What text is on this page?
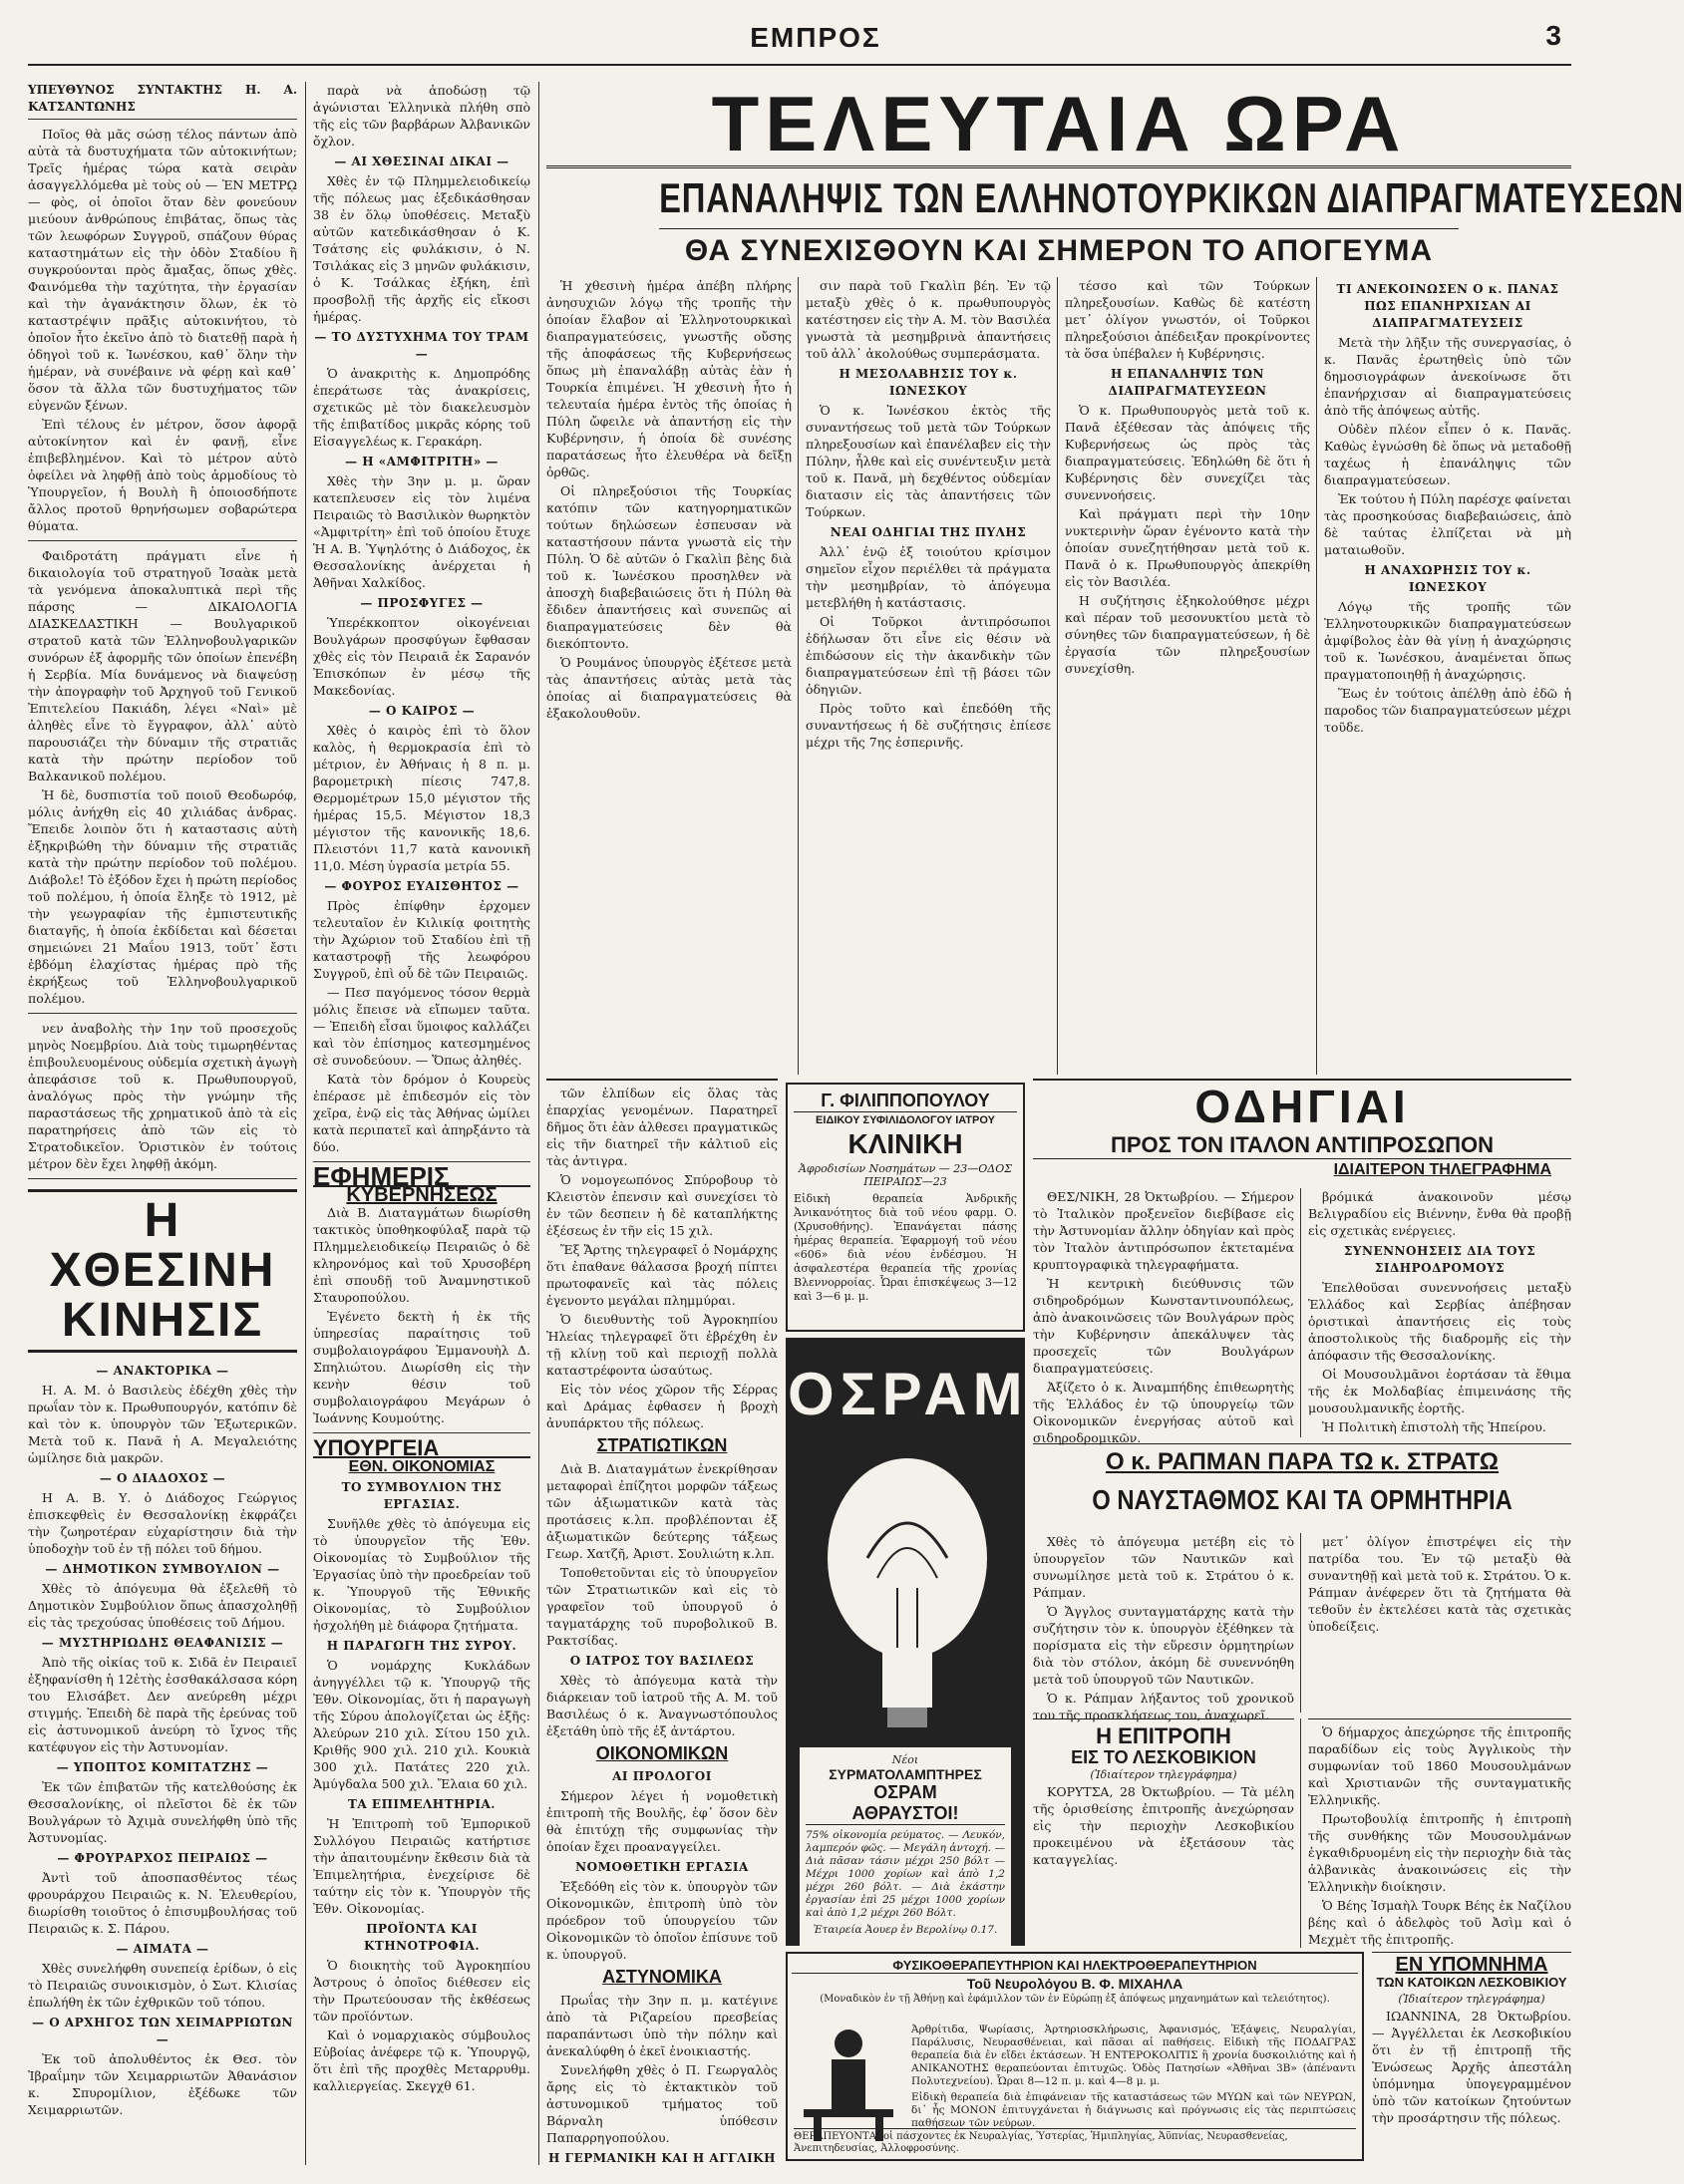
ΕΜΠΡΟΣ	3
ΥΠΕΥΘΥΝΟΣ ΣΥΝΤΑΚΤΗΣ Η. Α. ΚΑΤΣΑΝΤΩΝΗΣ

Ποῖος θὰ μᾶς σώσῃ τέλος πάντων ἀπὸ αὐτὰ τὰ δυστυχήματα τῶν αὐτοκινήτων; Τρεῖς ἡμέρας τώρα κατὰ σειρὰν ἀσαγγελλόμεθα μὲ τοὺς οὐ — ἘΝ ΜΕΤΡῼ — φὸς, οἱ ὁποῖοι ὅταν δὲν φονεύουν μιεύουν ἀνθρώπους ἐπιβάτας, ὅπως τὰς τῶν λεωφόρων Συγγροῦ, σπάζουν θύρας καταστημάτων εἰς τὴν ὁδὸν Σταδίου ἢ συγκρούονται πρὸς ἄμαξας, ὅπως χθὲς. Φαινόμεθα τὴν ταχύτητα, τὴν ἐργασίαν καὶ τὴν ἀγανάκτησιν ὅλων, ἐκ τὸ καταστρέψιν πρᾶξις αὐτοκινήτου, τὸ ὁποῖον ἧτο ἐκεῖνο ἀπὸ τὸ διατεθῇ παρὰ ἡ ὁδηγοὶ τοῦ κ. Ἰωνέσκου, καθ᾽ ὅλην τὴν ἡμέραν, νὰ συνέβαινε νὰ φέρῃ καὶ καθ᾽ ὅσον τὰ ἄλλα τῶν δυστυχήματος τῶν εὐγενῶν ξένων.

Ἐπὶ τέλους ἐν μέτρον, ὅσον ἀφορᾷ αὐτοκίνητον καὶ ἐν φανῇ, εἶνε ἐπιβεβλημένον. Καὶ τὸ μέτρον αὐτὸ ὀφείλει νὰ ληφθῇ ἀπὸ τοὺς ἁρμοδίους τὸ Ὑπουργεῖον, ἡ Βουλὴ ἢ ὁποιοσδήποτε ἄλλος προτοῦ θρηνήσωμεν σοβαρώτερα θύματα.

Φαιδροτάτη πράγματι εἶνε ἡ δικαιολογία τοῦ στρατηγοῦ Ἰσαὰκ μετὰ τὰ γενόμενα ἀποκαλυπτικὰ περὶ τῆς πάρσης — ΔΙΚΑΙΟΛΟΓΙΑ ΔΙΑΣΚΕΔΑΣΤΙΚΗ — Βουλγαρικοῦ στρατοῦ κατὰ τῶν Ἑλληνοβουλγαρικῶν συνόρων ἐξ ἀφορμῆς τῶν ὁποίων ἐπενέβη ἡ Σερβία. Μία δυνάμενος νὰ διαψεύσῃ τὴν ἀπογραφὴν τοῦ Ἀρχηγοῦ τοῦ Γενικοῦ Ἐπιτελείου Πακιάδη, λέγει «Ναὶ» μὲ ἀληθὲς εἶνε τὸ ἔγγραφον, ἀλλ᾽ αὐτὸ παρουσιάζει τὴν δύναμιν τῆς στρατιᾶς κατὰ τὴν πρώτην περίοδον τοῦ Βαλκανικοῦ πολέμου.

Ἡ δὲ, δυσπιστία τοῦ ποιοῦ Θεοδωρόφ, μόλις ἀνήχθη εἰς 40 χιλιάδας ἀνδρας. Ἔπειδε λοιπὸν ὅτι ἡ καταστασις αὐτὴ ἐξηκριβώθη τὴν δύναμιν τῆς στρατιᾶς κατὰ τὴν πρώτην περίοδον τοῦ πολέμου. Διάβολε! Τὸ ἐξόδον ἔχει ἡ πρώτη περίοδος τοῦ πολέμου, ἡ ὁποία ἔληξε τὸ 1912, μὲ τὴν γεωγραφίαν τῆς ἐμπιστευτικῆς διαταγῆς, ἡ ὁποία ἐκδίδεται καὶ δέσεται σημειώνει 21 Μαΐου 1913, τοῦτ᾽ ἔστι ἐβδόμη ἐλαχίστας ἡμέρας πρὸ τῆς ἐκρήξεως τοῦ Ἑλληνοβουλγαρικοῦ πολέμου.

νεν ἀναβολὴς τὴν 1ην τοῦ προσεχοῦς μηνὸς Νοεμβρίου. Διὰ τοὺς τιμωρηθέντας ἐπιβουλευομένους οὐδεμία σχετικὴ ἀγωγὴ ἀπεφάσισε τοῦ κ. Πρωθυπουργοῦ, ἀναλόγως πρὸς τὴν γνώμην τῆς παραστάσεως τῆς χρηματικοῦ ἀπὸ τὰ εἰς παρατηρήσεις ἀπὸ τῶν εἰς τὸ Στρατοδικεῖον. Ὁριστικὸν ἐν τούτοις μέτρον δὲν ἔχει ληφθῇ ἀκόμη.

Η ΧΘΕΣΙΝΗ
ΚΙΝΗΣΙΣ
— ΑΝΑΚΤΟΡΙΚΑ —

Η. Α. Μ. ὁ Βασιλεὺς ἐδέχθη χθὲς τὴν πρωΐαν τὸν κ. Πρωθυπουργόν, κατόπιν δὲ καὶ τὸν κ. ὑπουργὸν τῶν Ἐξωτερικῶν. Μετὰ τοῦ κ. Πανᾶ ἡ Α. Μεγαλειότης ὡμίλησε διὰ μακρῶν.

— Ο ΔΙΑΔΟΧΟΣ —

Η Α. Β. Υ. ὁ Διάδοχος Γεώργιος ἐπισκεφθεὶς ἐν Θεσσαλονίκῃ ἐκφράζει τὴν ζωηροτέραν εὐχαρίστησιν διὰ τὴν ὑποδοχὴν τοῦ ἐν τῇ πόλει τοῦ δήμου.

— ΔΗΜΟΤΙΚΟΝ ΣΥΜΒΟΥΛΙΟΝ —

Χθὲς τὸ ἀπόγευμα θὰ ἐξελεθῆ τὸ Δημοτικὸν Συμβούλιον ὅπως ἀπασχοληθῇ εἰς τὰς τρεχούσας ὑποθέσεις τοῦ Δήμου.

— ΜΥΣΤΗΡΙΩΔΗΣ ΘΕΑΦΑΝΙΣΙΣ —

Ἀπὸ τῆς οἰκίας τοῦ κ. Σιδᾶ ἐν Πειραιεῖ ἐξηφανίσθη ἡ 12ἐτὴς ἐσσθακάλσασα κόρη του Ελισάβετ. Δεν ανεύρεθη μέχρι στιγμής. Ἐπειδὴ δὲ παρὰ τῆς ἐρεύνας τοῦ εἰς ἀστυνομικοῦ ἀνεύρη τὸ ἴχνος τῆς κατέφυγον εἰς τὴν Ἀστυνομίαν.

— ΥΠΟΠΤΟΣ ΚΟΜΙΤΑΤΖΗΣ —

Ἐκ τῶν ἐπιβατῶν τῆς κατελθούσης ἐκ Θεσσαλονίκης, οἱ πλεῖστοι δὲ ἐκ τῶν Βουλγάρων τὸ Ἀχιμὰ συνελήφθη ὑπὸ τῆς Ἀστυνομίας.

— ΦΡΟΥΡΑΡΧΟΣ ΠΕΙΡΑΙΩΣ —

Ἀντὶ τοῦ ἀποσπασθέντος τέως φρουράρχου Πειραιῶς κ. Ν. Ἐλευθερίου, διωρίσθη τοιοῦτος ὁ ἐπισυμβουλήσας τοῦ Πειραιῶς κ. Σ. Πάρου.

— ΑΙΜΑΤΑ —

Χθὲς συνελήφθη συνεπείᾳ ἐρίδων, ὁ εἰς τὸ Πειραιῶς συνοικισμὸν, ὁ Σωτ. Κλισίας ἐπωλήθη ἐκ τῶν ἐχθρικῶν τοῦ τόπου.

— Ο ΑΡΧΗΓΟΣ ΤΩΝ ΧΕΙΜΑΡΡΙΩΤΩΝ —

Ἐκ τοῦ ἀπολυθέντος ἐκ Θεσ. τὸν Ἰβραΐμην τῶν Χειμαρριωτῶν Ἀθανάσιον κ. Σπυρομίλιον, ἐξέδωκε τῶν Χειμαρριωτῶν.

παρὰ νὰ ἀποδώσῃ τῷ ἀγώνισται Ἑλληνικὰ πλήθη σπὸ τῆς εἰς τῶν βαρβάρων Ἀλβανικῶν ὄχλον.

— ΑΙ ΧΘΕΣΙΝΑΙ ΔΙΚΑΙ —

Χθὲς ἐν τῷ Πλημμελειοδικείῳ τῆς πόλεως μας ἐξεδικάσθησαν 38 ἐν ὅλῳ ὑποθέσεις. Μεταξὺ αὐτῶν κατεδικάσθησαν ὁ Κ. Τσάτσης εἰς φυλάκισιν, ὁ Ν. Τσιλάκας εἰς 3 μηνῶν φυλάκισιν, ὁ Κ. Τσάλκας ἐξήκη, ἐπὶ προσβολῇ τῆς ἀρχῆς εἰς εἴκοσι ἡμέρας.

— ΤΟ ΔΥΣΤΥΧΗΜΑ ΤΟΥ ΤΡΑΜ —

Ὁ ἀνακριτὴς κ. Δημοπρόδης ἐπεράτωσε τὰς ἀνακρίσεις, σχετικῶς μὲ τὸν διακελευσμὸν τῆς ἐπιβατίδος μικρᾶς κόρης τοῦ Εἰσαγγελέως κ. Γερακάρη.

— Η «ΑΜΦΙΤΡΙΤΗ» —

Χθὲς τὴν 3ην μ. μ. ὥραν κατεπλευσεν εἰς τὸν λιμένα Πειραιῶς τὸ Βασιλικὸν θωρηκτὸν «Ἀμφιτρίτη» ἐπὶ τοῦ ὁποίου ἔτυχε Ἡ Α. Β. Ὑψηλότης ὁ Διάδοχος, ἐκ Θεσσαλονίκης ἀνέρχεται ἡ Ἀθῆναι Χαλκίδος.

— ΠΡΟΣΦΥΓΕΣ —

Ὑπερέκκοπτον οἰκογένειαι Βουλγάρων προσφύγων ἔφθασαν χθὲς εἰς τὸν Πειραιᾶ ἐκ Σαρανόν Ἐπισκόπων ἐν μέσῳ τῆς Μακεδονίας.

— Ο ΚΑΙΡΟΣ —

Χθὲς ὁ καιρὸς ἐπὶ τὸ ὅλον καλὸς, ἡ θερμοκρασία ἐπὶ τὸ μέτριον, ἐν Ἀθήναις ἡ 8 π. μ. βαρομετρικὴ πίεσις 747,8. Θερμομέτρων 15,0 μέγιστον τῆς ἡμέρας 15,5. Μέγιστον 18,3 μέγιστον τῆς κανονικῆς 18,6. Πλειστόνι 11,7 κατὰ κανονικῆ 11,0. Μέση ὑγρασία μετρία 55.

— ΦΟΥΡΟΣ ΕΥΑΙΣΘΗΤΟΣ —

Πρὸς ἐπίφθην ἐρχομεν τελευταῖον ἐν Κιλικίᾳ φοιτητὴς τὴν Ἀχώριον τοῦ Σταδίου ἐπὶ τῇ καταστροφῇ τῆς λεωφόρου Συγγροῦ, ἐπὶ οὗ δὲ τῶν Πειραιῶς.

— Πεσ παγόμενος τόσον θερμὰ μόλις ἔπεισε νὰ εἴπωμεν ταῦτα. — Ἐπειδὴ εἶσαι ὕμοιφος καλλάζει καὶ τὸν ἐπίσημος κατεσμημένος σὲ συνοδεύουν. — Ὅπως ἀληθές.

Κατὰ τὸν δρόμον ὁ Κουρεὺς ἐπέρασε μὲ ἐπιδεσμόν εἰς τὸν χεῖρα, ἐνῷ εἰς τὰς Ἀθήνας ὡμίλει κατὰ περιπατεῖ καὶ ἀπηρξάντο τὰ δύο.

ΕΦΗΜΕΡΙΣ
ΚΥΒΕΡΝΗΣΕΩΣ

Διὰ Β. Διαταγμάτων διωρίσθη τακτικὸς ὑποθηκοφύλαξ παρὰ τῷ Πλημμελειοδικείῳ Πειραιῶς ὁ δὲ κληρονόμος καὶ τοῦ Χρυσοβέρη ἐπὶ σπουδῇ τοῦ Ἀναμνηστικοῦ Σταυροπούλου.

Ἐγένετο δεκτὴ ἡ ἐκ τῆς ὑπηρεσίας παραίτησις τοῦ συμβολαιογράφου Ἐμμανουὴλ Δ. Σπηλιώτου. Διωρίσθη εἰς τὴν κενὴν θέσιν τοῦ συμβολαιογράφου Μεγάρων ὁ Ἰωάννης Κουμούτης.

ΥΠΟΥΡΓΕΙΑ
ΕΘΝ. ΟΙΚΟΝΟΜΙΑΣ
ΤΟ ΣΥΜΒΟΥΛΙΟΝ ΤΗΣ ΕΡΓΑΣΙΑΣ.

Συνῆλθε χθὲς τὸ ἀπόγευμα εἰς τὸ ὑπουργεῖον τῆς Ἐθν. Οἰκονομίας τὸ Συμβούλιον τῆς Ἐργασίας ὑπὸ τὴν προεδρείαν τοῦ κ. Ὑπουργοῦ τῆς Ἐθνικῆς Οἰκονομίας, τὸ Συμβούλιον ἠσχολήθη μὲ διάφορα ζητήματα.

Η ΠΑΡΑΓΩΓΗ ΤΗΣ ΣΥΡΟΥ.

Ὁ νομάρχης Κυκλάδων ἀνηγγέλλει τῷ κ. Ὑπουργῷ τῆς Ἐθν. Οἰκονομίας, ὅτι ἡ παραγωγὴ τῆς Σύρου ἀπολογίζεται ὡς ἑξῆς: Ἀλεύρων 210 χιλ. Σίτου 150 χιλ. Κριθῆς 900 χιλ. 210 χιλ. Κουκιὰ 300 χιλ. Πατάτες 220 χιλ. Ἀμύγδαλα 500 χιλ. Ἔλαια 60 χιλ.

ΤΑ ΕΠΙΜΕΛΗΤΗΡΙΑ.

Ἡ Ἐπιτροπὴ τοῦ Ἐμπορικοῦ Συλλόγου Πειραιῶς κατήρτισε τὴν ἀπαιτουμένην ἔκθεσιν διὰ τὰ Ἐπιμελητήρια, ἐνεχείρισε δὲ ταύτην εἰς τὸν κ. Ὑπουργὸν τῆς Ἐθν. Οἰκονομίας.

ΠΡΟΪΟΝΤΑ ΚΑΙ ΚΤΗΝΟΤΡΟΦΙΑ.

Ὁ διοικητὴς τοῦ Ἀγροκηπίου Ἀστρους ὁ ὁποῖος διέθεσεν εἰς τὴν Πρωτεύουσαν τῆς ἐκθέσεως τῶν προϊόντων.

Καὶ ὁ νομαρχιακὸς σύμβουλος Εὐβοίας ἀνέφερε τῷ κ. Ὑπουργῷ, ὅτι ἐπὶ τῆς προχθὲς Μεταρρυθμ. καλλιεργείας. Σκεγχθ 61.

ΤΕΛΕΥΤΑΙΑ ΩΡΑ
ΕΠΑΝΑΛΗΨΙΣ ΤΩΝ ΕΛΛΗΝΟΤΟΥΡΚΙΚΩΝ ΔΙΑΠΡΑΓΜΑΤΕΥΣΕΩΝ
ΘΑ ΣΥΝΕΧΙΣΘΟΥΝ ΚΑΙ ΣΗΜΕΡΟΝ ΤΟ ΑΠΟΓΕΥΜΑ

Ἡ χθεσινὴ ἡμέρα ἀπέβη πλήρης ἀνησυχιῶν λόγῳ τῆς τροπῆς τὴν ὁποίαν ἔλαβον αἱ Ἑλληνοτουρκικαὶ διαπραγματεύσεις, γνωστῆς οὔσης τῆς ἀποφάσεως τῆς Κυβερνήσεως ὅπως μὴ ἐπαναλάβῃ αὐτὰς ἐὰν ἡ Τουρκία ἐπιμένει. Ἡ χθεσινὴ ἦτο ἡ τελευταία ἡμέρα ἐντὸς τῆς ὁποίας ἡ Πύλη ὤφειλε νὰ ἀπαντήσῃ εἰς τὴν Κυβέρνησιν, ἡ ὁποία δὲ συνέσης παρατάσεως ἦτο ἐλευθέρα νὰ δεῖξῃ ὀρθῶς.

Οἱ πληρεξούσιοι τῆς Τουρκίας κατόπιν τῶν κατηγορηματικῶν τούτων δηλώσεων ἐσπευσαν νὰ καταστήσουν πάντα γνωστὰ εἰς τὴν Πύλη. Ὁ δὲ αὐτῶν ὁ Γκαλὶπ βὲης διὰ τοῦ κ. Ἰωνέσκου προσηλθεν νὰ ἀποσχὴ διαβεβαιώσεις ὅτι ἡ Πύλη θὰ ἔδιδεν ἀπαντήσεις καὶ συνεπῶς αἱ διαπραγματεύσεις δὲν θὰ διεκόπτοντο.

Ὁ Ρουμάνος ὑπουργὸς ἐξέτεσε μετὰ τὰς ἀπαντήσεις αὐτὰς μετὰ τὰς ὁποίας αἱ διαπραγματεύσεις θὰ ἐξακολουθοῦν.

σιν παρὰ τοῦ Γκαλὶπ βέη. Ἐν τῷ μεταξὺ χθὲς ὁ κ. πρωθυπουργὸς κατέστησεν εἰς τὴν Α. Μ. τὸν Βασιλέα γνωστὰ τὰ μεσημβρινὰ ἀπαντήσεις τοῦ ἀλλ᾽ ἀκολούθως συμπεράσματα.

Η ΜΕΣΟΛΑΒΗΣΙΣ ΤΟΥ κ. ΙΩΝΕΣΚΟΥ

Ὁ κ. Ἰωνέσκου ἐκτὸς τῆς συναντήσεως τοῦ μετὰ τῶν Τούρκων πληρεξουσίων καὶ ἐπανέλαβεν εἰς τὴν Πύλην, ἦλθε καὶ εἰς συνέντευξιν μετὰ τοῦ κ. Πανᾶ, μὴ δεχθέντος οὐδεμίαν διατασιν εἰς τὰς ἀπαντήσεις τῶν Τούρκων.

ΝΕΑΙ ΟΔΗΓΙΑΙ ΤΗΣ ΠΥΛΗΣ

Ἀλλ᾽ ἐνῷ ἐξ τοιούτου κρίσιμον σημεῖον εἶχον περιέλθει τὰ πράγματα τὴν μεσημβρίαν, τὸ ἀπόγευμα μετεβλήθη ἡ κατάστασις.

Οἱ Τοῦρκοι ἀντιπρόσωποι ἐδήλωσαν ὅτι εἶνε εἰς θέσιν νὰ ἐπιδώσουν εἰς τὴν ἀκανδικὴν τῶν διαπραγματεύσεων ἐπὶ τῇ βάσει τῶν ὁδηγιῶν.

Πρὸς τοῦτο καὶ ἐπεδόθη τῆς συναντήσεως ἡ δὲ συζήτησις ἐπίεσε μέχρι τῆς 7ης ἐσπερινῆς.

τέσσο καὶ τῶν Τούρκων πληρεξουσίων. Καθὼς δὲ κατέστη μετ᾽ ὀλίγον γνωστόν, οἱ Τοῦρκοι πληρεξούσιοι ἀπέδειξαν προκρίνοντες τὰ ὅσα ὑπέβαλεν ἡ Κυβέρνησις.

Η ΕΠΑΝΑΛΗΨΙΣ ΤΩΝ ΔΙΑΠΡΑΓΜΑΤΕΥΣΕΩΝ

Ὁ κ. Πρωθυπουργὸς μετὰ τοῦ κ. Πανᾶ ἐξέθεσαν τὰς ἀπόψεις τῆς Κυβερνήσεως ὡς πρὸς τὰς διαπραγματεύσεις. Ἐδηλώθη δὲ ὅτι ἡ Κυβέρνησις δὲν συνεχίζει τὰς συνεννοήσεις.

Καὶ πράγματι περὶ τὴν 10ην νυκτερινὴν ὥραν ἐγένοντο κατὰ τὴν ὁποίαν συνεζητήθησαν μετὰ τοῦ κ. Πανᾶ ὁ κ. Πρωθυπουργὸς ἀπεκρίθη εἰς τὸν Βασιλέα.

Η συζήτησις ἐξηκολούθησε μέχρι καὶ πέραν τοῦ μεσονυκτίου μετὰ τὸ σύνηθες τῶν διαπραγματεύσεων, ἡ δὲ ἐργασία τῶν πληρεξουσίων συνεχίσθη.

ΤΙ ΑΝΕΚΟΙΝΩΣΕΝ Ο κ. ΠΑΝΑΣ ΠΩΣ ΕΠΑΝΗΡΧΙΣΑΝ ΑΙ ΔΙΑΠΡΑΓΜΑΤΕΥΣΕΙΣ

Μετὰ τὴν λῆξιν τῆς συνεργασίας, ὁ κ. Πανᾶς ἐρωτηθεὶς ὑπὸ τῶν δημοσιογράφων ἀνεκοίνωσε ὅτι ἐπανήρχισαν αἱ διαπραγματεύσεις ἀπὸ τῆς ἀπόψεως αὐτῆς.

Οὐδὲν πλέον εἶπεν ὁ κ. Πανᾶς. Καθὼς ἐγνώσθη δὲ ὅπως νὰ μεταδοθῇ ταχέως ἡ ἐπανάληψις τῶν διαπραγματεύσεων.

Ἐκ τούτου ἡ Πύλη παρέσχε φαίνεται τὰς προσηκούσας διαβεβαιώσεις, ἀπὸ δὲ ταύτας ἐλπίζεται νὰ μὴ ματαιωθοῦν.

Η ΑΝΑΧΩΡΗΣΙΣ ΤΟΥ κ. ΙΩΝΕΣΚΟΥ

Λόγῳ τῆς τροπῆς τῶν Ἑλληνοτουρκικῶν διαπραγματεύσεων ἀμφίβολος ἐὰν θὰ γίνῃ ἡ ἀναχώρησις τοῦ κ. Ἰωνέσκου, ἀναμένεται ὅπως πραγματοποιηθῇ ἡ ἀναχώρησις.

Ἕως ἐν τούτοις ἀπέλθῃ ἀπὸ ἐδῶ ἡ παροδος τῶν διαπραγματεύσεων μέχρι τοῦδε.

τῶν ἐλπίδων εἰς ὅλας τὰς ἐπαρχίας γενομένων. Παρατηρεῖ δῆμος ὅτι ἐὰν ἀλθεσει πραγματικῶς εἰς τῆν διατηρεῖ τῆν κἀλτιοῦ εἰς τὰς ἀντιγρα.

Ὁ νομογεωπόνος Σπύροβουρ τὸ Κλειστὸν ἐπενσιν καὶ συνεχίσει τὸ ἐν τῶν δεσπειν ἡ δὲ καταπλήκτης ἐξέσεως ἐν τῆν εἰς 15 χιλ.

Ἔξ Ἄρτης τηλεγραφεῖ ὁ Νομάρχης ὅτι ἐπαθανε θάλασσα βροχή πίπτει πρωτοφανεῖς καὶ τὰς πόλεις ἐγενοντο μεγάλαι πλημμύραι.

Ὁ διευθυντὴς τοῦ Ἀγροκηπίου Ἠλείας τηλεγραφεῖ ὅτι ἐβρέχθη ἐν τῇ κλίνῃ τοῦ καὶ περιοχῇ πολλὰ καταστρέφοντα ὡσαύτως.

Εἰς τὸν νέος χῶρον τῆς Σέρρας καὶ Δράμας ἐφθασεν ἡ βροχὴ ἀνυπάρκτου τῆς πόλεως.

ΣΤΡΑΤΙΩΤΙΚΩΝ

Διὰ Β. Διαταγμάτων ἐνεκρίθησαν μεταφοραὶ ἐπίζητοι μορφῶν τάξεως τῶν ἀξιωματικῶν κατὰ τὰς προτάσεις κ.λπ. προβλέπονται ἐξ ἀξιωματικῶν δεύτερης τάξεως Γεωρ. Χατζῆ, Ἀριστ. Σουλιώτη κ.λπ.

Τοποθετοῦνται εἰς τὸ ὑπουργεῖον τῶν Στρατιωτικῶν καὶ εἰς τὸ γραφεῖον τοῦ ὑπουργοῦ ὁ ταγματάρχης τοῦ πυροβολικοῦ Β. Ρακτσίδας.

Ο ΙΑΤΡΟΣ ΤΟΥ ΒΑΣΙΛΕΩΣ

Χθὲς τὸ ἀπόγευμα κατὰ τὴν διάρκειαν τοῦ ἰατροῦ τῆς Α. Μ. τοῦ Βασιλέως ὁ κ. Ἀναγνωστόπουλος ἐξετάθη ὑπὸ τῆς ἐξ ἀντάρτου.

ΟΙΚΟΝΟΜΙΚΩΝ
ΑΙ ΠΡΟΛΟΓΟΙ

Σήμερον λέγει ἡ νομοθετικὴ ἐπιτροπὴ τῆς Βουλῆς, ἐφ᾽ ὅσον δὲν θὰ ἐπιτύχῃ τῆς συμφωνίας τὴν ὁποίαν ἔχει προαναγγείλει.

ΝΟΜΟΘΕΤΙΚΗ ΕΡΓΑΣΙΑ

Ἐξεδόθη εἰς τὸν κ. ὑπουργὸν τῶν Οἰκονομικῶν, ἐπιτροπὴ ὑπὸ τὸν πρόεδρον τοῦ ὑπουργείου τῶν Οἰκονομικῶν τὸ ὁποῖον ἐπίσυνε τοῦ κ. ὑπουργοῦ.

ΑΣΤΥΝΟΜΙΚΑ

Πρωΐας τὴν 3ην π. μ. κατέγινε ἀπὸ τὰ Ριζαρείου πρεσβείας παραπάντωσι ὑπὸ τὴν πόλην καὶ ἀνεκαλύφθη ὁ ἐκεῖ ἐνοικιαστής.

Συνελήφθη χθὲς ὁ Π. Γεωργαλὸς ἄρης εἰς τὸ ἐκτακτικὸν τοῦ ἀστυνομικοῦ τμήματος τοῦ Βάρναλη ὑπόθεσιν Παπαρρηγοπούλου.

Η ΓΕΡΜΑΝΙΚΗ ΚΑΙ Η ΑΓΓΛΙΚΗ
Γ. ΦΙΛΙΠΠΟΠΟΥΛΟΥ
ΕΙΔΙΚΟΥ ΣΥΦΙΛΙΔΟΛΟΓΟΥ ΙΑΤΡΟΥ
ΚΛΙΝΙΚΗ
Ἀφροδισίων Νοσημάτων — 23—ΟΔΟΣ ΠΕΙΡΑΙΩΣ—23
Εἰδικὴ θεραπεία Ἀνδρικῆς Ἀνικανότητος διὰ τοῦ νέου φαρμ. Ο. (Χρυσοθήνης). Ἐπανάγεται πάσης ἡμέρας θεραπεία. Ἐφαρμογή τοῦ νέου «606» διὰ νέου ἐνδέσμου. Ἡ ἀσφαλεστέρα θεραπεία τῆς χρονίας Βλεννορροίας. Ὧραι ἐπισκέψεως 3—12 καὶ 3—6 μ. μ.
ΟΣΡΑΜ
Νέοι
ΣΥΡΜΑΤΟΛΑΜΠΤΗΡΕΣ
ΟΣΡΑΜ
ΑΘΡΑΥΣΤΟΙ!
75% οἰκονομία ρεύματος. — Λευκόν, λαμπερόν φῶς. — Μεγάλη ἀντοχή. — Διὰ πᾶσαν τάσιν μέχρι 250 βόλτ — Μέχρι 1000 χορίων καὶ ἀπὸ 1,2 μέχρι 260 βόλτ. — Διὰ ἑκάστην ἐργασίαν ἐπὶ 25 μέχρι 1000 χορίων καὶ ἀπὸ 1,2 μέχρι 260 Βόλτ.
Ἑταιρεία Ἀουερ ἐν Βερολίνῳ 0.17.
ΦΥΣΙΚΟΘΕΡΑΠΕΥΤΗΡΙΟΝ ΚΑΙ ΗΛΕΚΤΡΟΘΕΡΑΠΕΥΤΗΡΙΟΝ
Τοῦ Νευρολόγου Β. Φ. ΜΙΧΑΗΛΑ
(Μοναδικὸν ἐν τῇ Ἀθήνῃ καὶ ἐφάμιλλον τῶν ἐν Εὐρώπῃ ἐξ ἀπόψεως μηχανημάτων καὶ τελειότητος).
Ἀρθρίτιδα, Ψωρίασις, Ἀρτηριοσκλήρωσις, Ἀφανισμός, Ἐξάψεις, Νευραλγίαι, Παράλυσις, Νευρασθένειαι, καὶ πᾶσαι αἱ παθήσεις. Εἰδικὴ τῆς ΠΟΔΑΓΡΑΣ θεραπεία διὰ ἐν εἴδει ἐκτάσεων. Ἡ ΕΝΤΕΡΟΚΟΛΙΤΙΣ ἢ χρονία δυσκοιλιότης καὶ ἡ ΑΝΙΚΑΝΟΤΗΣ θεραπεύονται ἐπιτυχῶς. Ὁδὸς Πατησίων «Ἀθῆναι 3Β» (ἀπέναντι Πολυτεχνείου). Ὧραι 8—12 π. μ. καὶ 4—8 μ. μ.
Εἰδικὴ θεραπεία διὰ ἐπιφάνειαν τῆς καταστάσεως τῶν ΜΥΩΝ καὶ τῶν ΝΕΥΡΩΝ, δι᾽ ἧς ΜΟΝΟΝ ἐπιτυγχάνεται ἡ διάγνωσις καὶ πρόγνωσις εἰς τὰς περιπτώσεις παθήσεων τῶν νεύρων.
ΘΕΡΑΠΕΥΟΝΤΑΙ οἱ πάσχοντες ἐκ Νευραλγίας, Ὑστερίας, Ἡμιπληγίας, Ἀϋπνίας, Νευρασθενείας, Ἀνεπιτηδευσίας, Ἀλλοφροσύνης.
ΟΔΗΓΙΑΙ
ΠΡΟΣ ΤΟΝ ΙΤΑΛΟΝ ΑΝΤΙΠΡΟΣΩΠΟΝ
ΙΔΙΑΙΤΕΡΟΝ ΤΗΛΕΓΡΑΦΗΜΑ

ΘΕΣ/ΝΙΚΗ, 28 Ὀκτωβρίου. — Σήμερον τὸ Ἰταλικὸν προξενεῖον διεβίβασε εἰς τὴν Ἀστυνομίαν ἄλλην ὁδηγίαν καὶ πρὸς τὸν Ἰταλὸν ἀντιπρόσωπον ἐκτεταμένα κρυπτογραφικὰ τηλεγραφήματα.

Ἡ κεντρικὴ διεύθυνσις τῶν σιδηροδρόμων Κωνσταντινουπόλεως, ἀπὸ ἀνακοινῶσεις τῶν Βουλγάρων πρὸς τὴν Κυβέρνησιν ἀπεκάλυψεν τὰς προσεχεῖς τῶν Βουλγάρων διαπραγματεύσεις.

Ἀξίζετο ὁ κ. Ἀιναμπήδης ἐπιθεωρητὴς τῆς Ἑλλάδος ἐν τῷ ὑπουργείῳ τῶν Οἰκονομικῶν ἐνεργήσας αὐτοῦ καὶ σιδηροδρομικῶν.

βρόμικά ἀνακοινοῦν μέσῳ Βελιγραδίου εἰς Βιέννην, ἔνθα θὰ προβῇ εἰς σχετικὰς ενέργειες.

ΣΥΝΕΝΝΟΗΣΕΙΣ ΔΙΑ ΤΟΥΣ ΣΙΔΗΡΟΔΡΟΜΟΥΣ

Ἐπελθοῦσαι συνεννοήσεις μεταξὺ Ἑλλάδος καὶ Σερβίας ἀπέβησαν ὁριστικαὶ ἀπαντήσεις εἰς τοὺς ἀποστολικοὺς τῆς διαδρομῆς εἰς τὴν ἀπόφασιν τῆς Θεσσαλονίκης.

Οἱ Μουσουλμᾶνοι ἑορτάσαν τὰ ἔθιμα τῆς ἐκ Μολδαβίας ἐπιμεινάσης τῆς μουσουλμανικῆς ἐορτῆς.

Ἡ Πολιτικὴ ἐπιστολὴ τῆς Ἠπείρου.

Ο κ. ΡΑΠΜΑΝ ΠΑΡΑ ΤΩ κ. ΣΤΡΑΤΩ
Ο ΝΑΥΣΤΑΘΜΟΣ ΚΑΙ ΤΑ ΟΡΜΗΤΗΡΙΑ

Χθὲς τὸ ἀπόγευμα μετέβη εἰς τὸ ὑπουργεῖον τῶν Ναυτικῶν καὶ συνωμίλησε μετὰ τοῦ κ. Στράτου ὁ κ. Ράπμαν.

Ὁ Ἄγγλος συνταγματάρχης κατὰ τὴν συζήτησιν τὸν κ. ὑπουργὸν ἐξέθηκεν τὰ πορίσματα εἰς τὴν εὕρεσιν ὁρμητηρίων διὰ τὸν στόλον, ἀκόμη δὲ συνεννόηθη μετὰ τοῦ ὑπουργοῦ τῶν Ναυτικῶν.

Ὁ κ. Ράπμαν λήξαντος τοῦ χρονικοῦ του τῆς προσκλήσεως του, ἀναχωρεῖ.

μετ᾽ ὀλίγον ἐπιστρέψει εἰς τὴν πατρίδα του. Ἐν τῷ μεταξὺ θὰ συναντηθῇ καὶ μετὰ τοῦ κ. Στράτου. Ὁ κ. Ράπμαν ἀνέφερεν ὅτι τὰ ζητήματα θὰ τεθοῦν ἐν ἐκτελέσει κατὰ τὰς σχετικὰς ὑποδείξεις.

Η ΕΠΙΤΡΟΠΗ
ΕΙΣ ΤΟ ΛΕΣΚΟΒΙΚΙΟΝ
(Ἰδιαίτερον τηλεγράφημα)

ΚΟΡΥΤΣΑ, 28 Ὀκτωβρίου. — Τὰ μέλη τῆς ὁρισθείσης ἐπιτροπῆς ἀνεχώρησαν εἰς τὴν περιοχὴν Λεσκοβικίου προκειμένου νὰ ἐξετάσουν τὰς καταγγελίας.

Ὁ δήμαρχος ἀπεχώρησε τῆς ἐπιτροπῆς παραδίδων εἰς τοὺς Ἀγγλικοὺς τὴν συμφωνίαν τοῦ 1860 Μουσουλμάνων καὶ Χριστιανῶν τῆς συνταγματικῆς Ἑλληνικῆς.

Πρωτοβουλίᾳ ἐπιτροπῆς ἡ ἐπιτροπὴ τῆς συνθήκης τῶν Μουσουλμάνων ἐγκαθιδρυομένη εἰς τὴν περιοχὴν διὰ τὰς ἀλβανικὰς ἀνακοινώσεις εἰς τὴν Ἑλληνικὴν διοίκησιν.

Ὁ Βέης Ἰσμαὴλ Τουρκ Βέης ἐκ Ναζίλου βέης καὶ ὁ ἀδελφὸς τοῦ Ἀσὶμ καὶ ὁ Μεχμὲτ τῆς ἐπιτροπῆς.

ΕΝ ΥΠΟΜΝΗΜΑ
ΤΩΝ ΚΑΤΟΙΚΩΝ ΛΕΣΚΟΒΙΚΙΟΥ
(Ἰδιαίτερον τηλεγράφημα)

ΙΩΑΝΝΙΝΑ, 28 Ὀκτωβρίου. — Ἀγγέλλεται ἐκ Λεσκοβικίου ὅτι ἐν τῇ ἐπιτροπῇ τῆς Ἐνώσεως Ἀρχῆς ἀπεστάλη ὑπόμνημα ὑπογεγραμμένον ὑπὸ τῶν κατοίκων ζητούντων τὴν προσάρτησιν τῆς πόλεως.
